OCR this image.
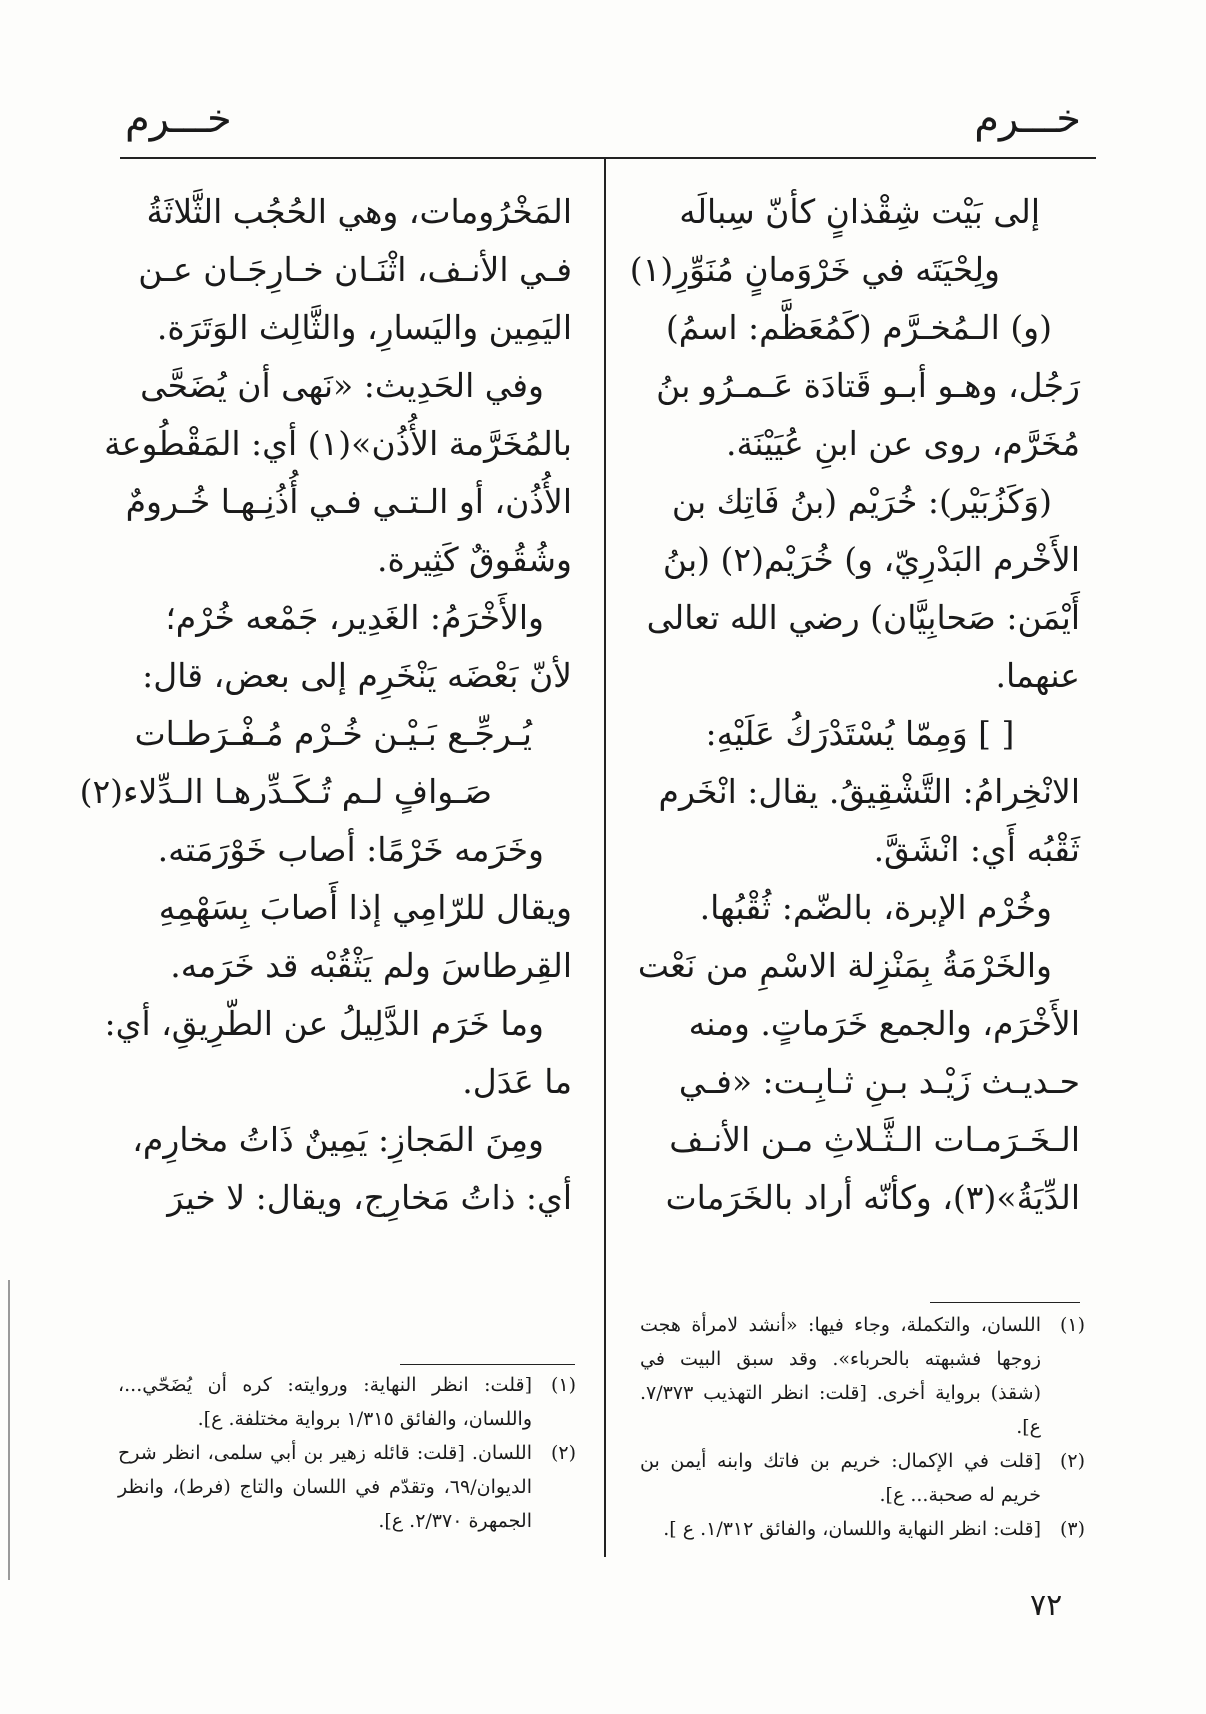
خـــرم	خـــرم
إلى بَيْت شِقْذانٍ كأنّ سِبالَه
ولِحْيَتَه في خَرْوَمانٍ مُنَوِّرِ(١)
(و) الـمُخـرَّم (كَمُعَظَّم: اسمُ)
رَجُل، وهـو أبـو قَتادَة عَـمـرُو بنُ
مُخَرَّم، روى عن ابنِ عُيَيْنَة.
(وَكَزُبَيْر): خُرَيْم (بنُ فَاتِك بن
الأَخْرم البَدْرِيّ، و) خُرَيْم(٢) (بنُ
أَيْمَن: صَحابِيَّان) رضي الله تعالى
عنهما.
[ ] وَمِمّا يُسْتَدْرَكُ عَلَيْهِ:
الانْخِرامُ: التَّشْقِيقُ. يقال: انْخَرم
ثَقْبُه أَي: انْشَقَّ.
وخُرْم الإبرة، بالضّم: ثُقْبُها.
والخَرْمَةُ بِمَنْزِلة الاسْمِ من نَعْت
الأَخْرَم، والجمع خَرَماتٍ. ومنه
حـديـث زَيْـد بـنِ ثـابِـت: «فـي
الـخَـرَمـات الـثَّـلاثِ مـن الأنـف
الدِّيَةُ»(٣)، وكأنّه أراد بالخَرَمات
المَخْرُومات، وهي الحُجُب الثَّلاثَةُ
فـي الأنـف، اثْنَـان خـارِجَـان عـن
اليَمِين واليَسارِ، والثَّالِث الوَتَرَة.
وفي الحَدِيث: «نَهى أن يُضَحَّى
بالمُخَرَّمة الأُذُن»(١) أي: المَقْطُوعة
الأُذُن، أو الـتـي فـي أُذُنِـهـا خُـرومٌ
وشُقُوقٌ كَثِيرة.
والأَخْرَمُ: الغَدِير، جَمْعه خُرْم؛
لأنّ بَعْضَه يَنْخَرِم إلى بعض، قال:
يُـرجِّـع بَـيْـن خُـرْم مُـفْـرَطـات
صَـوافٍ لـم تُـكَـدِّرهـا الـدِّلاء(٢)
وخَرَمه خَرْمًا: أصاب خَوْرَمَته.
ويقال للرّامِي إذا أَصابَ بِسَهْمِهِ
القِرطاسَ ولم يَثْقُبْه قد خَرَمه.
وما خَرَم الدَّلِيلُ عن الطّرِيقِ، أي:
ما عَدَل.
ومِنَ المَجازِ: يَمِينٌ ذَاتُ مخارِم،
أي: ذاتُ مَخارِج، ويقال: لا خيرَ
(١)
اللسان، والتكملة، وجاء فيها: «أنشد لامرأة هجت زوجها فشبهته بالحرباء». وقد سبق البيت في (شقذ) برواية أخرى. [قلت: انظر التهذيب ٧/٣٧٣. ع].
(٢)
[قلت في الإكمال: خريم بن فاتك وابنه أيمن بن خريم له صحبة... ع].
(٣)
[قلت: انظر النهاية واللسان، والفائق ١/٣١٢. ع ].
(١)
[قلت: انظر النهاية: وروايته: كره أن يُضَحّي...، واللسان، والفائق ١/٣١٥ برواية مختلفة. ع].
(٢)
اللسان. [قلت: قائله زهير بن أبي سلمى، انظر شرح الديوان/٦٩، وتقدّم في اللسان والتاج (فرط)، وانظر الجمهرة ٢/٣٧٠. ع].
٧٢
